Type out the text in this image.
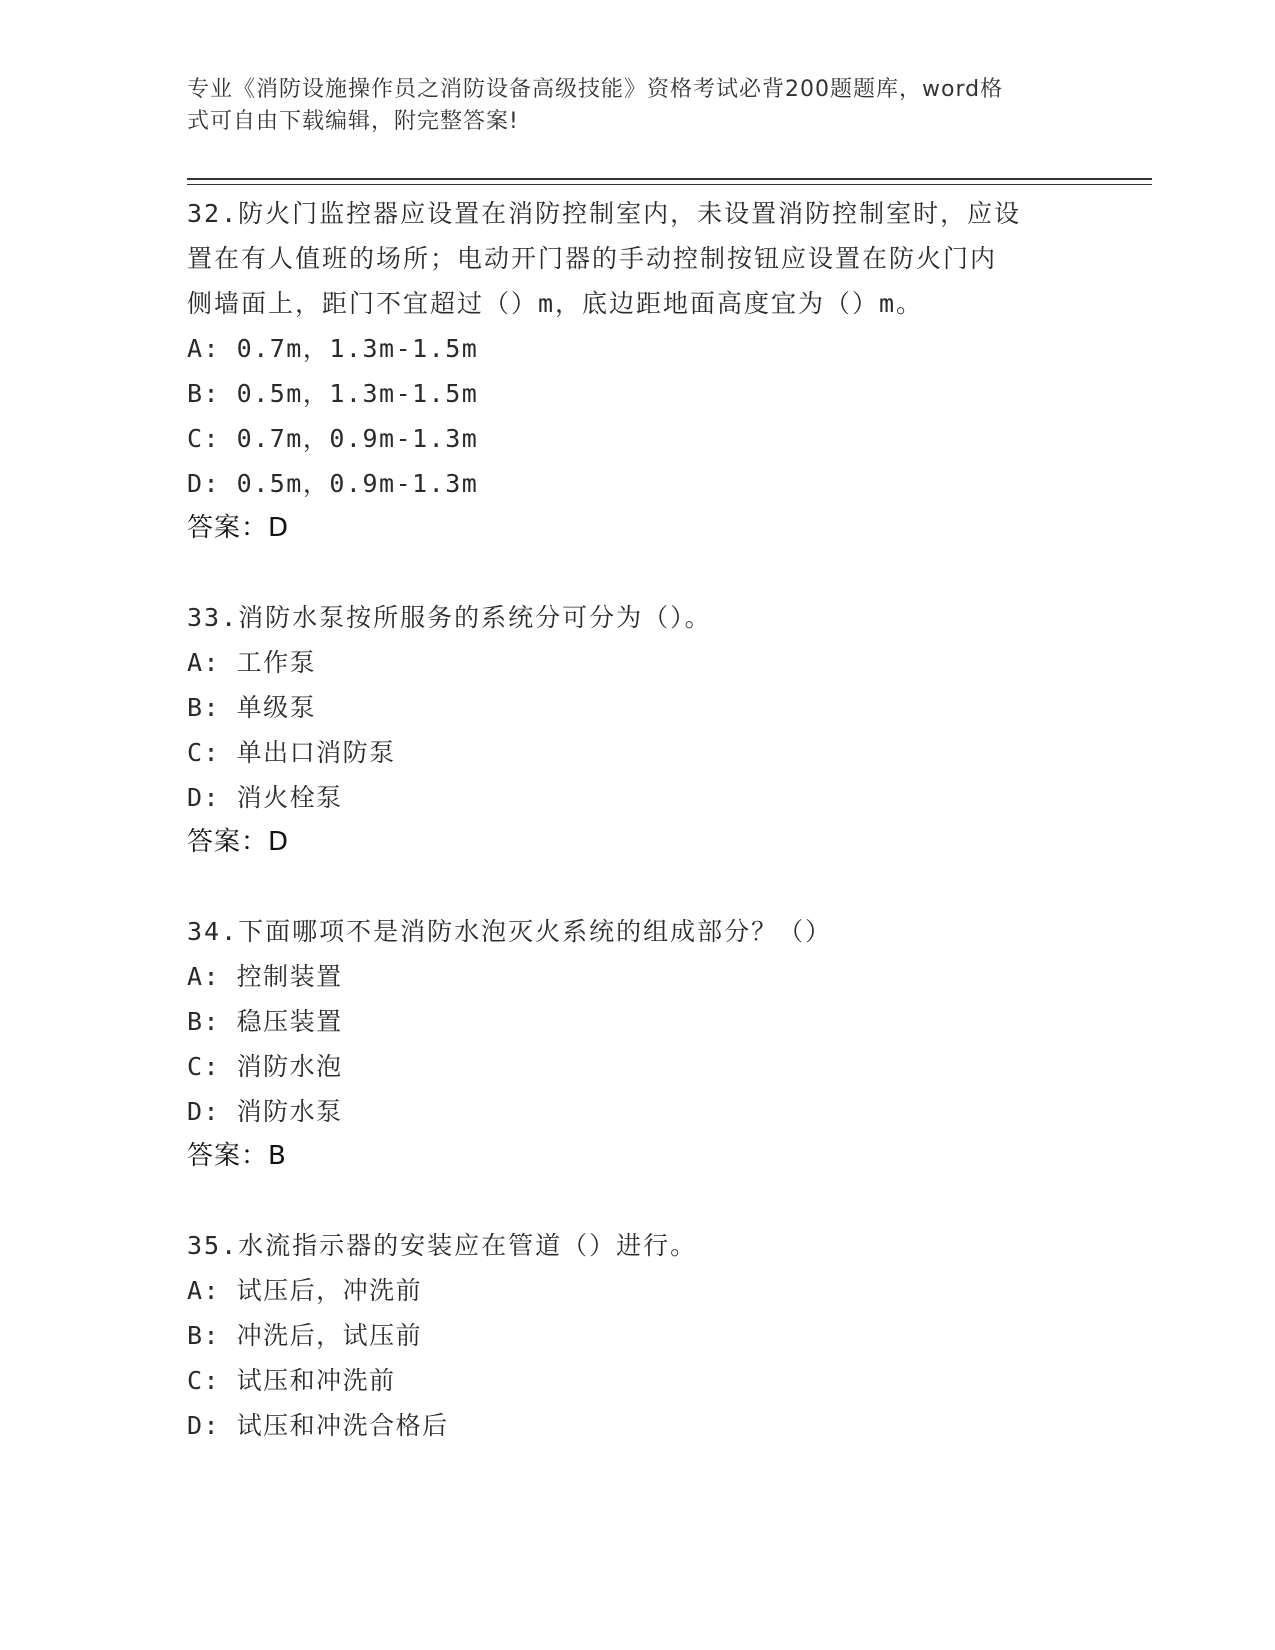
专业《消防设施操作员之消防设备高级技能》资格考试必背200题题库，word格
式可自由下载编辑，附完整答案!
32.防火门监控器应设置在消防控制室内，未设置消防控制室时，应设
置在有人值班的场所；电动开门器的手动控制按钮应设置在防火门内
侧墙面上，距门不宜超过（）m，底边距地面高度宜为（）m。
A: 0.7m，1.3m-1.5m
B: 0.5m，1.3m-1.5m
C: 0.7m，0.9m-1.3m
D: 0.5m，0.9m-1.3m
答案：D
33.消防水泵按所服务的系统分可分为（）。
A: 工作泵
B: 单级泵
C: 单出口消防泵
D: 消火栓泵
答案：D
34.下面哪项不是消防水泡灭火系统的组成部分？（）
A: 控制装置
B: 稳压装置
C: 消防水泡
D: 消防水泵
答案：B
35.水流指示器的安装应在管道（）进行。
A: 试压后，冲洗前
B: 冲洗后，试压前
C: 试压和冲洗前
D: 试压和冲洗合格后
